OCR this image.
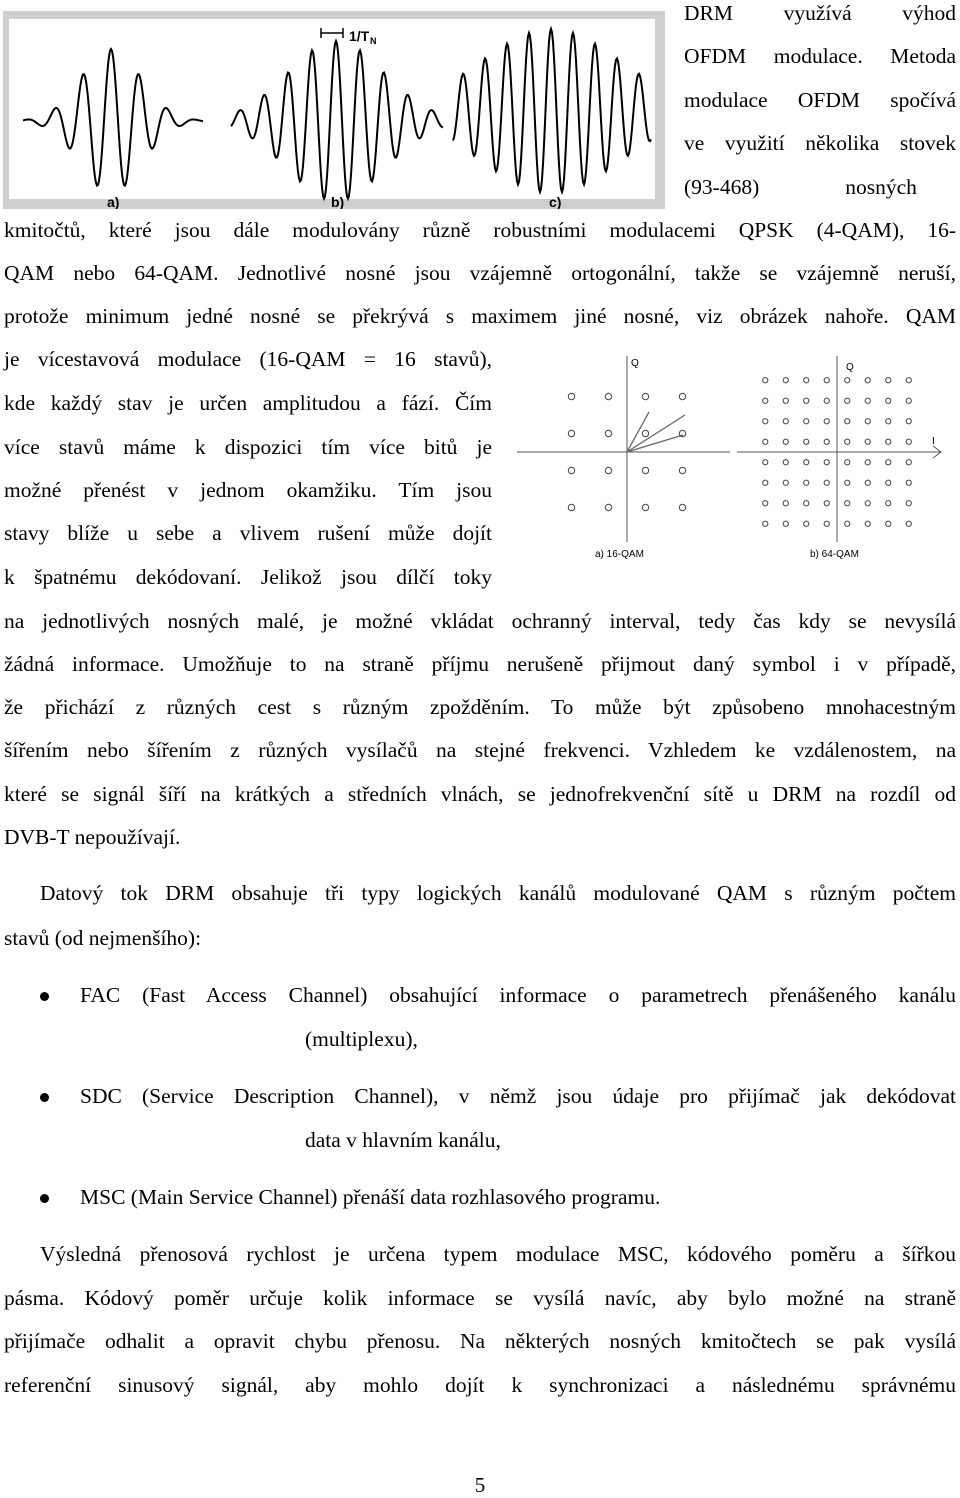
1/T N
a)	b)	c)
Q	Q
I
a) 16-QAM	b) 64-QAM
DRM využívá výhod
OFDM modulace. Metoda
modulace OFDM spočívá
ve využití několika stovek
(93-468)                nosných
kmitočtů, které jsou dále modulovány různě robustními modulacemi QPSK (4-QAM), 16-
QAM nebo 64-QAM. Jednotlivé nosné jsou vzájemně ortogonální, takže se vzájemně neruší,
protože minimum jedné nosné se překrývá s maximem jiné nosné, viz obrázek nahoře. QAM
je vícestavová modulace (16-QAM = 16 stavů),
kde každý stav je určen amplitudou a fází. Čím
více stavů máme k dispozici tím více bitů je
možné přenést v jednom okamžiku. Tím jsou
stavy blíže u sebe a vlivem rušení může dojít
k špatnému dekódovaní. Jelikož jsou dílčí toky
na jednotlivých nosných malé, je možné vkládat ochranný interval, tedy čas kdy se nevysílá
žádná informace. Umožňuje to na straně příjmu nerušeně přijmout daný symbol i v případě,
že přichází z různých cest s různým zpožděním. To může být způsobeno mnohacestným
šířením nebo šířením z různých vysílačů na stejné frekvenci. Vzhledem ke vzdálenostem, na
které se signál šíří na krátkých a středních vlnách, se jednofrekvenční sítě u DRM na rozdíl od
DVB-T nepoužívají.
Datový tok DRM obsahuje tři typy logických kanálů modulované QAM s různým počtem
stavů (od nejmenšího):
FAC (Fast Access Channel) obsahující informace o parametrech přenášeného kanálu
(multiplexu),
SDC (Service Description Channel), v němž jsou údaje pro přijímač jak dekódovat
data v hlavním kanálu,
MSC (Main Service Channel) přenáší data rozhlasového programu.
Výsledná přenosová rychlost je určena typem modulace MSC, kódového poměru a šířkou
pásma. Kódový poměr určuje kolik informace se vysílá navíc, aby bylo možné na straně
přijímače odhalit a opravit chybu přenosu. Na některých nosných kmitočtech se pak vysílá
referenční sinusový signál, aby mohlo dojít k synchronizaci a následnému správnému
5
